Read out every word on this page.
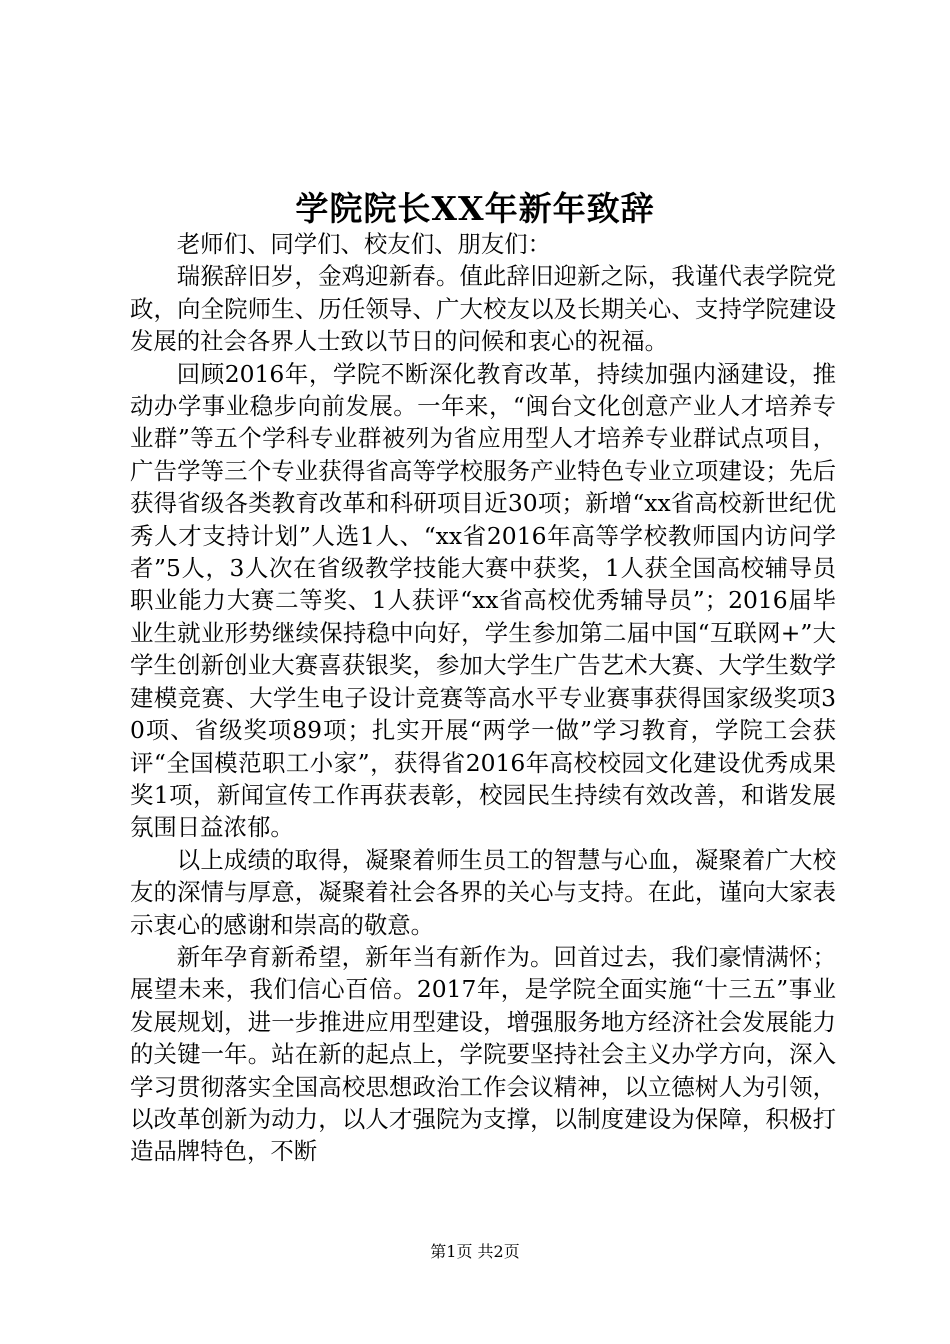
学院院长XX年新年致辞

老师们、同学们、校友们、朋友们：

瑞猴辞旧岁，金鸡迎新春。值此辞旧迎新之际，我谨代表学院党政，向全院师生、历任领导、广大校友以及长期关心、支持学院建设发展的社会各界人士致以节日的问候和衷心的祝福。

回顾2016年，学院不断深化教育改革，持续加强内涵建设，推动办学事业稳步向前发展。一年来，“闽台文化创意产业人才培养专业群”等五个学科专业群被列为省应用型人才培养专业群试点项目，广告学等三个专业获得省高等学校服务产业特色专业立项建设；先后获得省级各类教育改革和科研项目近30项；新增“xx省高校新世纪优秀人才支持计划”人选1人、“xx省2016年高等学校教师国内访问学者”5人，3人次在省级教学技能大赛中获奖，1人获全国高校辅导员职业能力大赛二等奖、1人获评“xx省高校优秀辅导员”；2016届毕业生就业形势继续保持稳中向好，学生参加第二届中国“互联网+”大学生创新创业大赛喜获银奖，参加大学生广告艺术大赛、大学生数学建模竞赛、大学生电子设计竞赛等高水平专业赛事获得国家级奖项30项、省级奖项89项；扎实开展“两学一做”学习教育，学院工会获评“全国模范职工小家”，获得省2016年高校校园文化建设优秀成果奖1项，新闻宣传工作再获表彰，校园民生持续有效改善，和谐发展氛围日益浓郁。

以上成绩的取得，凝聚着师生员工的智慧与心血，凝聚着广大校友的深情与厚意，凝聚着社会各界的关心与支持。在此，谨向大家表示衷心的感谢和崇高的敬意。

新年孕育新希望，新年当有新作为。回首过去，我们豪情满怀；展望未来，我们信心百倍。2017年，是学院全面实施“十三五”事业发展规划，进一步推进应用型建设，增强服务地方经济社会发展能力的关键一年。站在新的起点上，学院要坚持社会主义办学方向，深入学习贯彻落实全国高校思想政治工作会议精神，以立德树人为引领，以改革创新为动力，以人才强院为支撑，以制度建设为保障，积极打造品牌特色，不断

第1页 共2页
